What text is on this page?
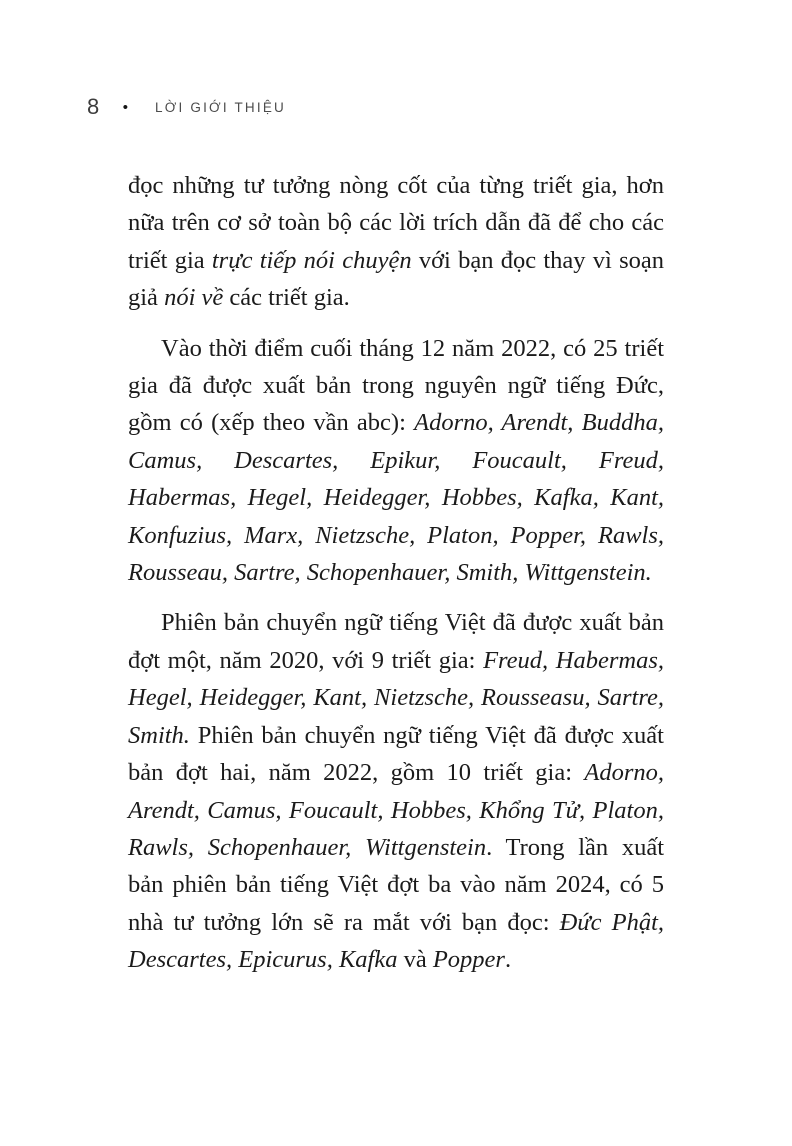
8 • LỜI GIỚI THIỆU

đọc những tư tưởng nòng cốt của từng triết gia, hơn nữa trên cơ sở toàn bộ các lời trích dẫn đã để cho các triết gia trực tiếp nói chuyện với bạn đọc thay vì soạn giả nói về các triết gia.

Vào thời điểm cuối tháng 12 năm 2022, có 25 triết gia đã được xuất bản trong nguyên ngữ tiếng Đức, gồm có (xếp theo vần abc): Adorno, Arendt, Buddha, Camus, Descartes, Epikur, Foucault, Freud, Habermas, Hegel, Heidegger, Hobbes, Kafka, Kant, Konfuzius, Marx, Nietzsche, Platon, Popper, Rawls, Rousseau, Sartre, Schopenhauer, Smith, Wittgenstein.

Phiên bản chuyển ngữ tiếng Việt đã được xuất bản đợt một, năm 2020, với 9 triết gia: Freud, Habermas, Hegel, Heidegger, Kant, Nietzsche, Rousseasu, Sartre, Smith. Phiên bản chuyển ngữ tiếng Việt đã được xuất bản đợt hai, năm 2022, gồm 10 triết gia: Adorno, Arendt, Camus, Foucault, Hobbes, Khổng Tử, Platon, Rawls, Schopenhauer, Wittgenstein. Trong lần xuất bản phiên bản tiếng Việt đợt ba vào năm 2024, có 5 nhà tư tưởng lớn sẽ ra mắt với bạn đọc: Đức Phật, Descartes, Epicurus, Kafka và Popper.
